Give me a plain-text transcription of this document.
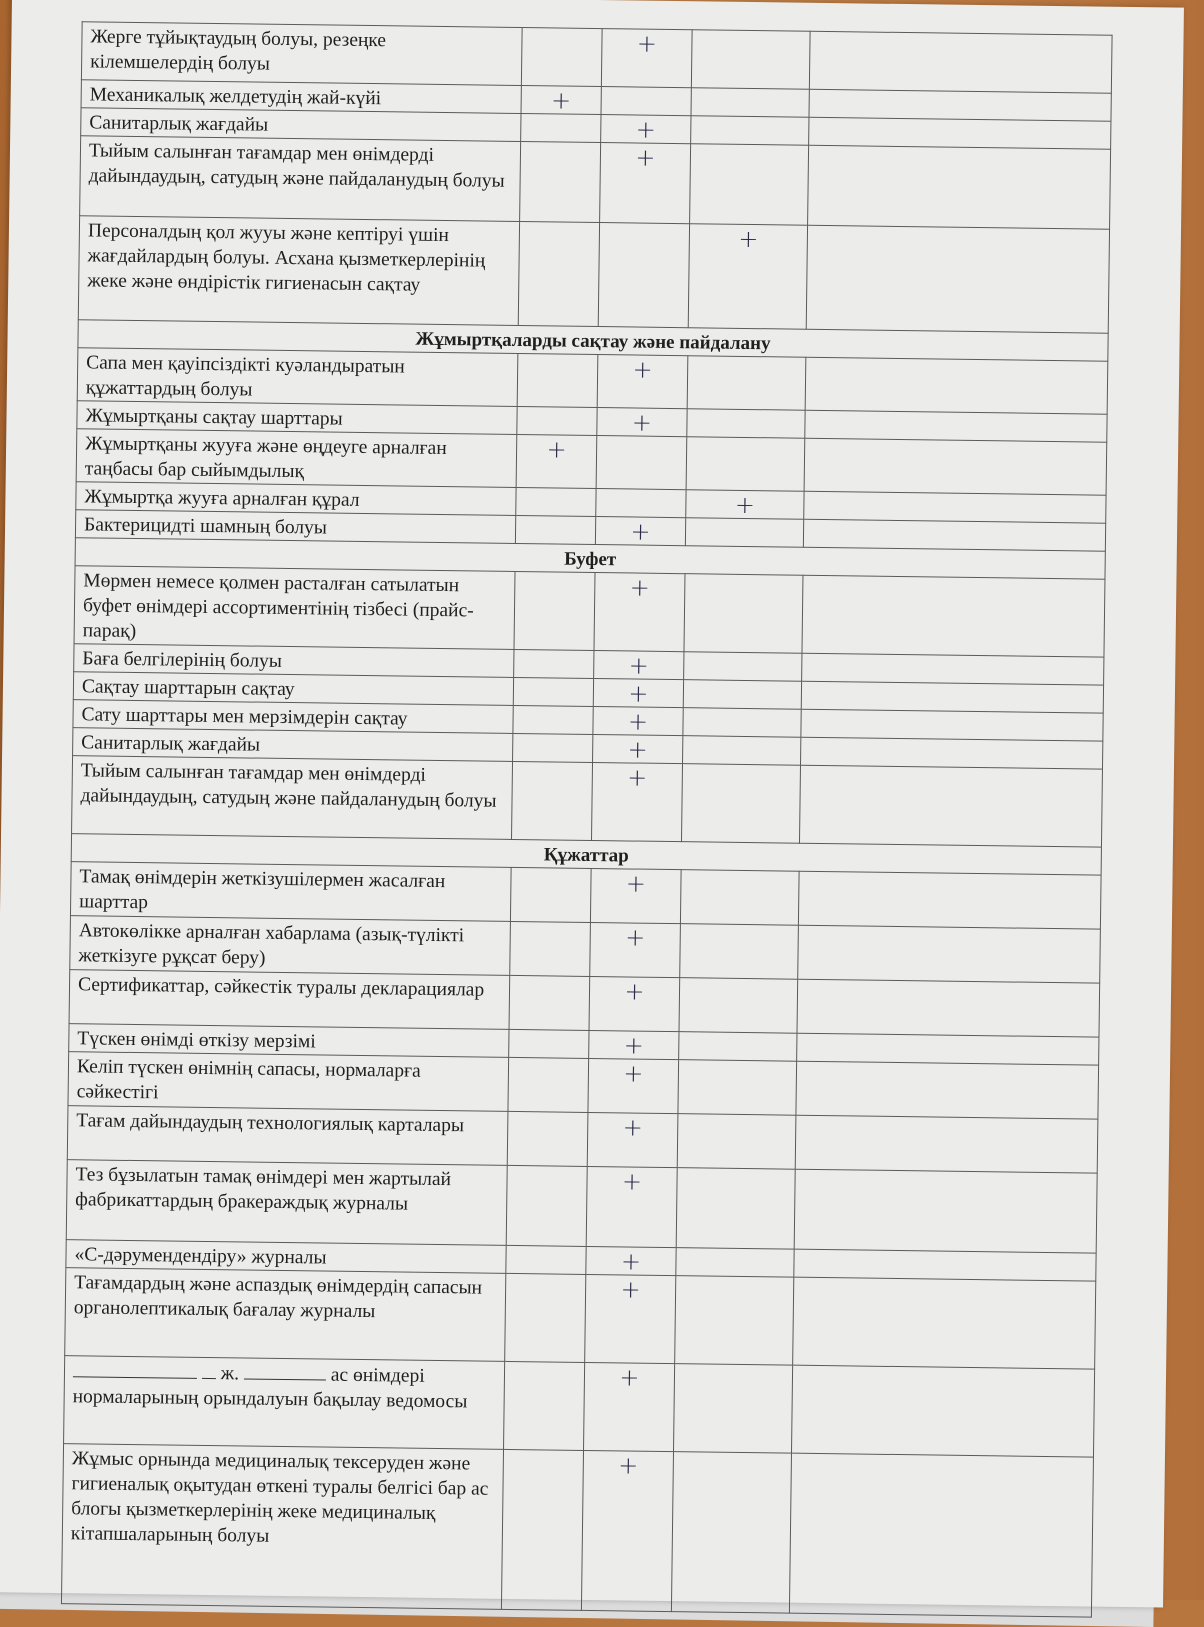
Жерге тұйықтаудың болуы, резеңке кілемшелердің болуы		+		
Механикалық желдетудің жай-күйі	+			
Санитарлық жағдайы		+		
Тыйым салынған тағамдар мен өнімдерді дайындаудың, сатудың және пайдаланудың болуы		+		
Персоналдың қол жууы және кептіруі үшін жағдайлардың болуы. Асхана қызметкерлерінің жеке және өндірістік гигиенасын сақтау			+	
Жұмыртқаларды сақтау және пайдалану				
Сапа мен қауіпсіздікті куәландыратын құжаттардың болуы		+		
Жұмыртқаны сақтау шарттары		+		
Жұмыртқаны жууға және өңдеуге арналған таңбасы бар сыйымдылық	+			
Жұмыртқа жууға арналған құрал			+	
Бактерицидті шамның болуы		+		
Буфет				
Мөрмен немесе қолмен расталған сатылатын буфет өнімдері ассортиментінің тізбесі (прайс-парақ)		+		
Баға белгілерінің болуы		+		
Сақтау шарттарын сақтау		+		
Сату шарттары мен мерзімдерін сақтау		+		
Санитарлық жағдайы		+		
Тыйым салынған тағамдар мен өнімдерді дайындаудың, сатудың және пайдаланудың болуы		+		
Құжаттар				
Тамақ өнімдерін жеткізушілермен жасалған шарттар		+		
Автокөлікке арналған хабарлама (азық-түлікті жеткізуге рұқсат беру)		+		
Сертификаттар, сәйкестік туралы декларациялар		+		
Түскен өнімді өткізу мерзімі		+		
Келіп түскен өнімнің сапасы, нормаларға сәйкестігі		+		
Тағам дайындаудың технологиялық карталары		+		
Тез бұзылатын тамақ өнімдері мен жартылай фабрикаттардың бракераждық журналы		+		
«С-дәрумендендіру» журналы		+		
Тағамдардың және аспаздық өнімдердің сапасын органолептикалық бағалау журналы		+		
ж. ас өнімдері нормаларының орындалуын бақылау ведомосы		+		
Жұмыс орнында медициналық тексеруден және гигиеналық оқытудан өткені туралы белгісі бар ас блогы қызметкерлерінің жеке медициналық кітапшаларының болуы		+		
